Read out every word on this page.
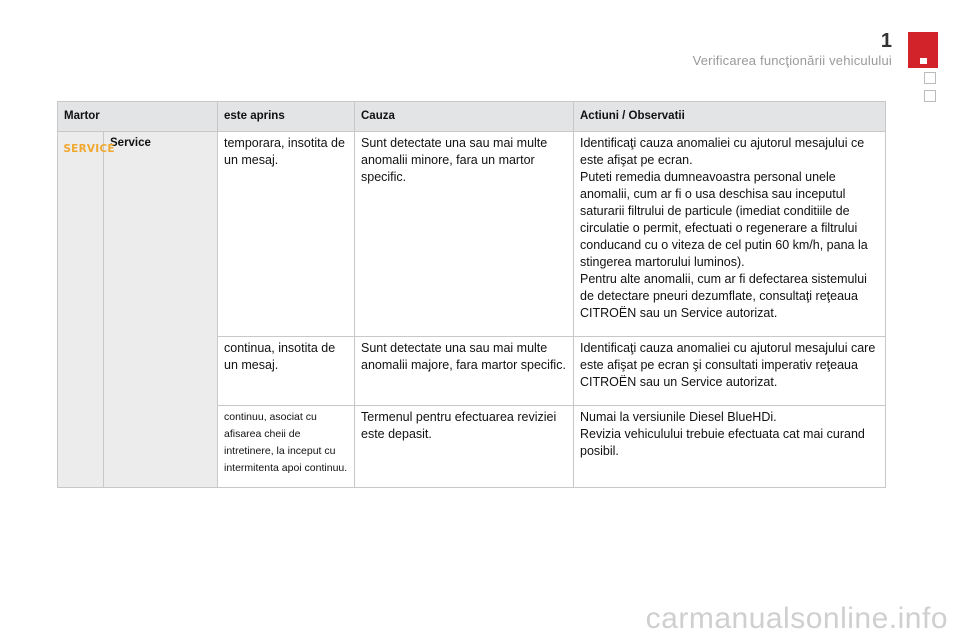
1
Verificarea funcţionării vehiculului
Martor		este aprins	Cauza	Actiuni / Observatii
SERVICE	Service	temporara, insotita de un mesaj.	Sunt detectate una sau mai multe anomalii minore, fara un martor specific.	Identificaţi cauza anomaliei cu ajutorul mesajului ce este afişat pe ecran.
Puteti remedia dumneavoastra personal unele anomalii, cum ar fi o usa deschisa sau inceputul saturarii filtrului de particule (imediat conditiile de circulatie o permit, efectuati o regenerare a filtrului conducand cu o viteza de cel putin 60 km/h, pana la stingerea martorului luminos).
Pentru alte anomalii, cum ar fi defectarea sistemului de detectare pneuri dezumflate, consultaţi reţeaua CITROËN sau un Service autorizat.

		continua, insotita de un mesaj.	Sunt detectate una sau mai multe anomalii majore, fara martor specific.	Identificaţi cauza anomaliei cu ajutorul mesajului care este afişat pe ecran şi consultati imperativ reţeaua CITROËN sau un Service autorizat.

		continuu, asociat cu afisarea cheii de intretinere, la inceput cu intermitenta apoi continuu.	Termenul pentru efectuarea reviziei este depasit.	Numai la versiunile Diesel BlueHDi.
Revizia vehiculului trebuie efectuata cat mai curand posibil.
carmanualsonline.info
